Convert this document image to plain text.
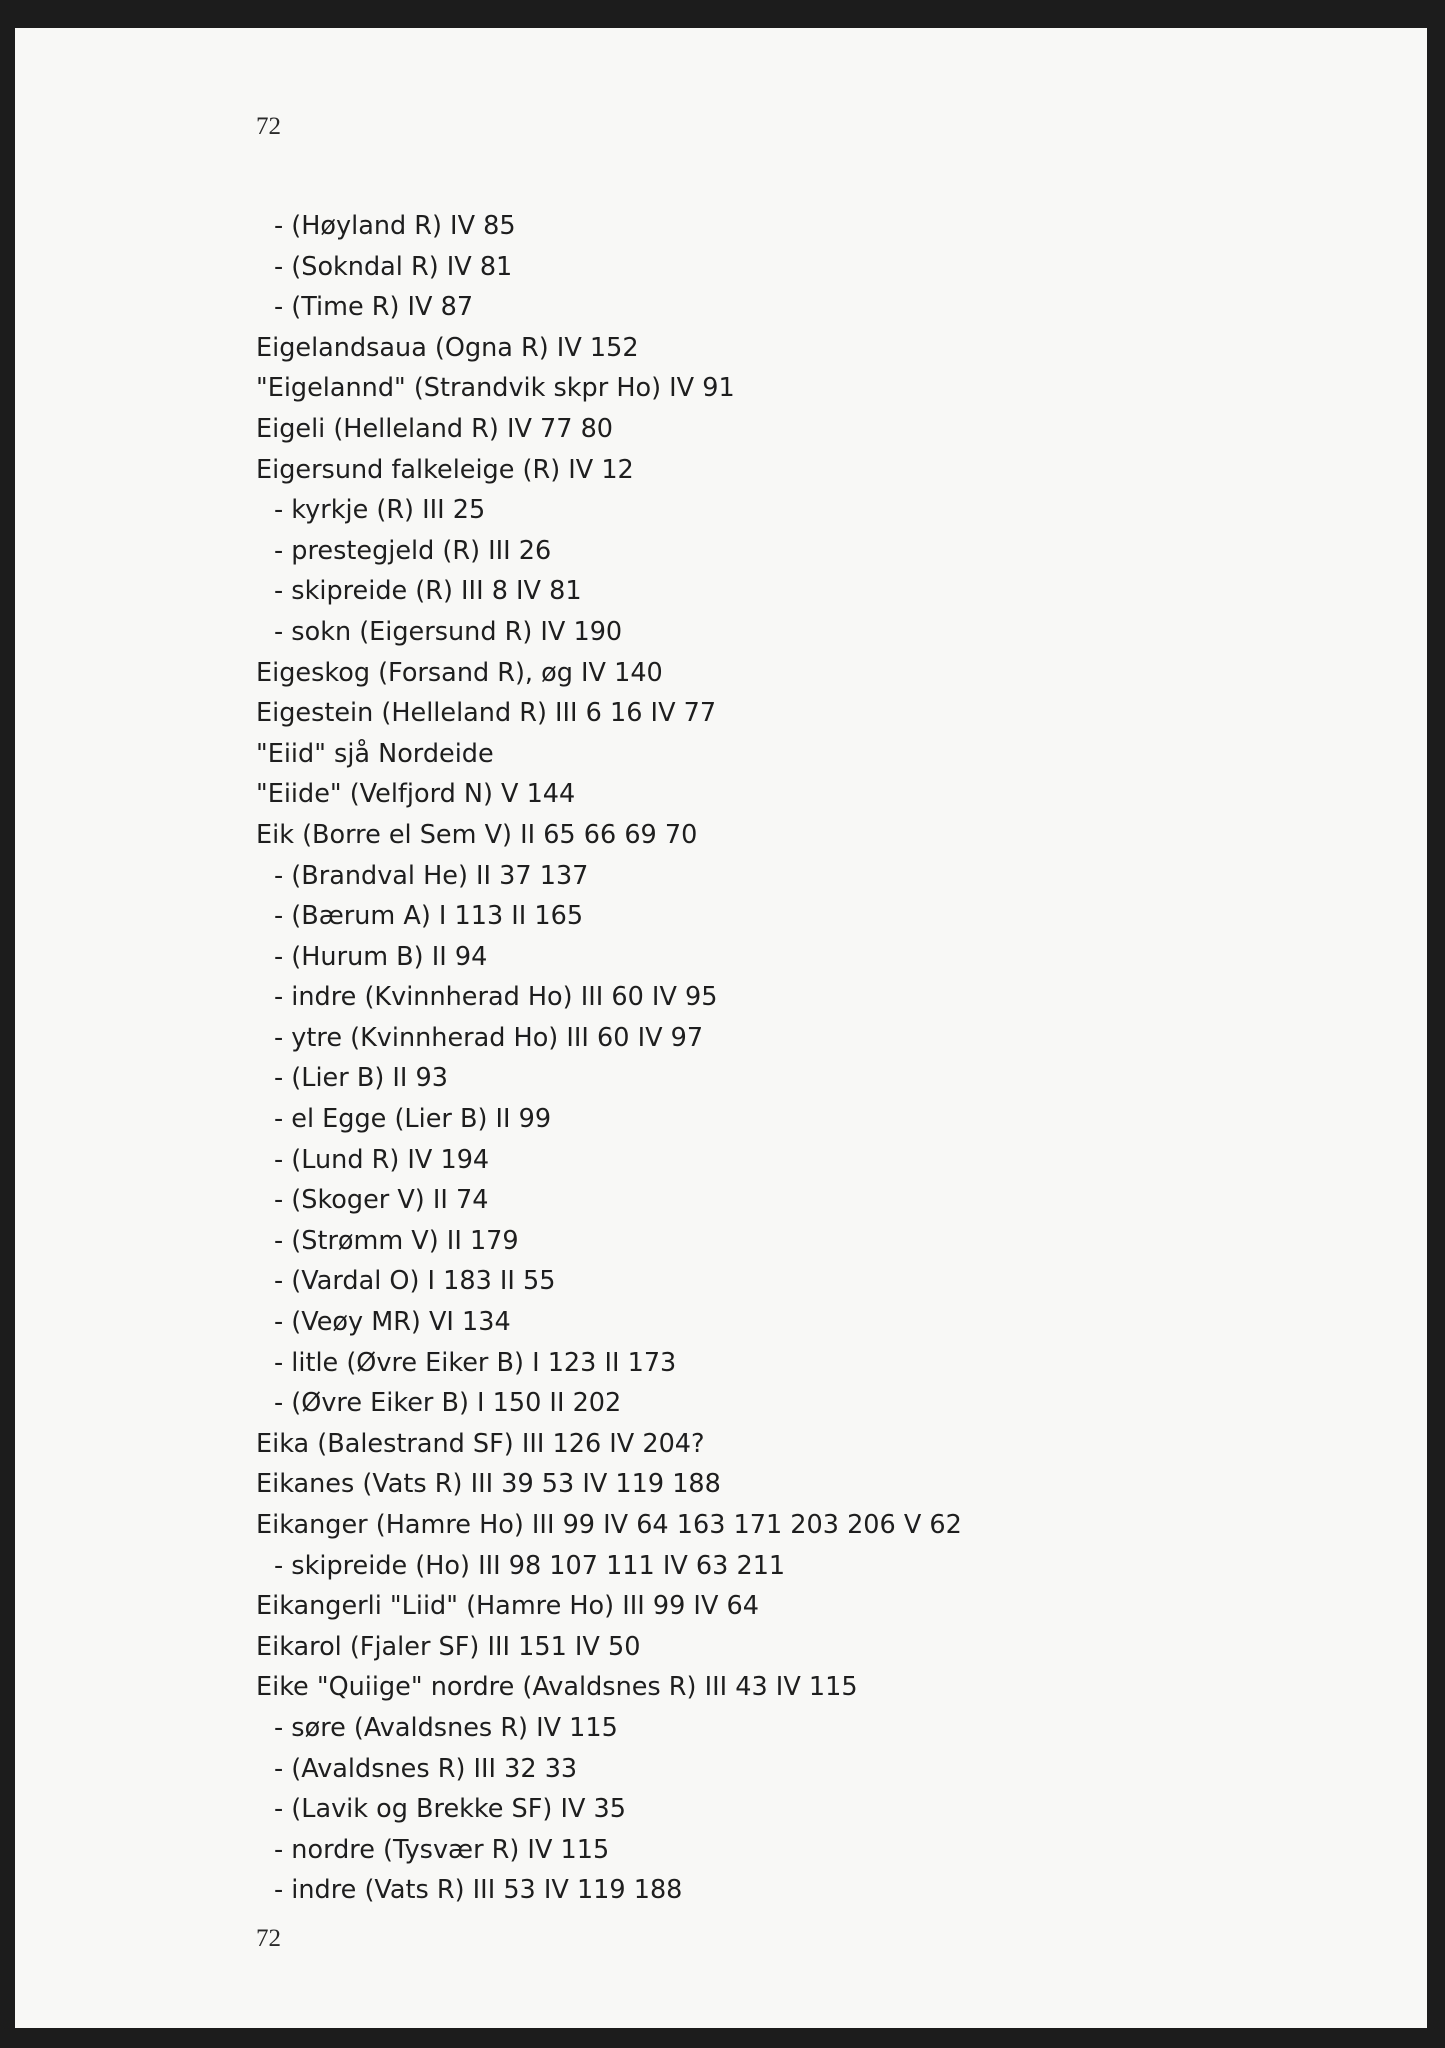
72
- (Høyland R) IV 85
- (Sokndal R) IV 81
- (Time R) IV 87
Eigelandsaua (Ogna R) IV 152
"Eigelannd" (Strandvik skpr Ho) IV 91
Eigeli (Helleland R) IV 77 80
Eigersund falkeleige (R) IV 12
- kyrkje (R) III 25
- prestegjeld (R) III 26
- skipreide (R) III 8 IV 81
- sokn (Eigersund R) IV 190
Eigeskog (Forsand R), øg IV 140
Eigestein (Helleland R) III 6 16 IV 77
"Eiid" sjå Nordeide
"Eiide" (Velfjord N) V 144
Eik (Borre el Sem V) II 65 66 69 70
- (Brandval He) II 37 137
- (Bærum A) I 113 II 165
- (Hurum B) II 94
- indre (Kvinnherad Ho) III 60 IV 95
- ytre (Kvinnherad Ho) III 60 IV 97
- (Lier B) II 93
- el Egge (Lier B) II 99
- (Lund R) IV 194
- (Skoger V) II 74
- (Strømm V) II 179
- (Vardal O) I 183 II 55
- (Veøy MR) VI 134
- litle (Øvre Eiker B) I 123 II 173
- (Øvre Eiker B) I 150 II 202
Eika (Balestrand SF) III 126 IV 204?
Eikanes (Vats R) III 39 53 IV 119 188
Eikanger (Hamre Ho) III 99 IV 64 163 171 203 206 V 62
- skipreide (Ho) III 98 107 111 IV 63 211
Eikangerli "Liid" (Hamre Ho) III 99 IV 64
Eikarol (Fjaler SF) III 151 IV 50
Eike "Quiige" nordre (Avaldsnes R) III 43 IV 115
- søre (Avaldsnes R) IV 115
- (Avaldsnes R) III 32 33
- (Lavik og Brekke SF) IV 35
- nordre (Tysvær R) IV 115
- indre (Vats R) III 53 IV 119 188
72
